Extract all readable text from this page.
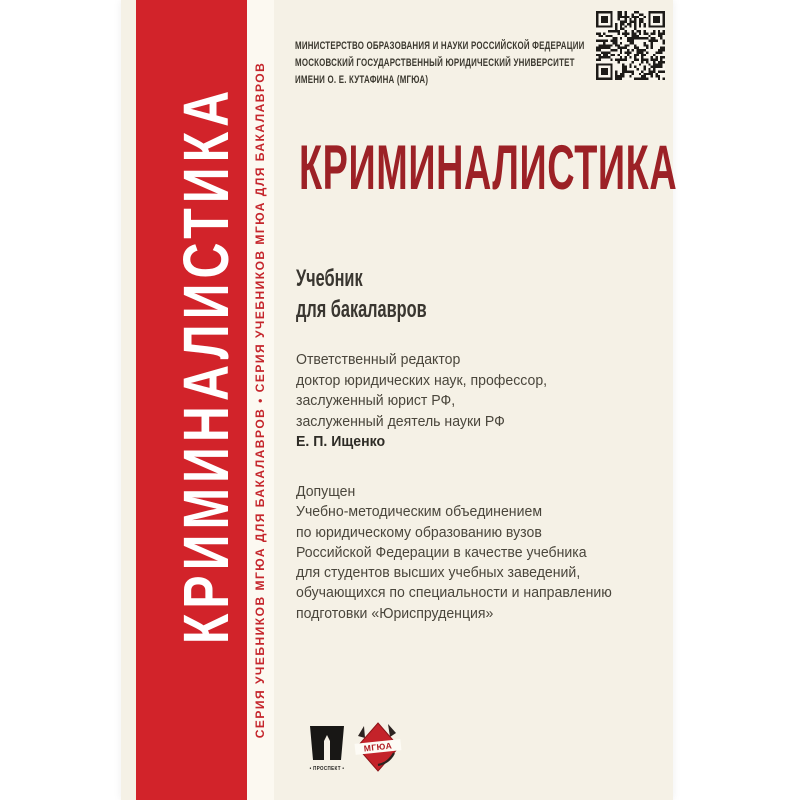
КРИМИНАЛИСТИКА СЕРИЯ УЧЕБНИКОВ МГЮА ДЛЯ БАКАЛАВРОВ • СЕРИЯ УЧЕБНИКОВ МГЮА ДЛЯ БАКАЛАВРОВ
МИНИСТЕРСТВО ОБРАЗОВАНИЯ И НАУКИ РОССИЙСКОЙ ФЕДЕРАЦИИ
МОСКОВСКИЙ ГОСУДАРСТВЕННЫЙ ЮРИДИЧЕСКИЙ УНИВЕРСИТЕТ
ИМЕНИ О. Е. КУТАФИНА (МГЮА)
КРИМИНАЛИСТИКА
Учебник
для бакалавров
Ответственный редактор
доктор юридических наук, профессор,
заслуженный юрист РФ,
заслуженный деятель науки РФ
Е. П. Ищенко
Допущен
Учебно-методическим объединением
по юридическому образованию вузов
Российской Федерации в качестве учебника
для студентов высших учебных заведений,
обучающихся по специальности и направлению
подготовки «Юриспруденция»
• ПРОСПЕКТ •
МГЮА
